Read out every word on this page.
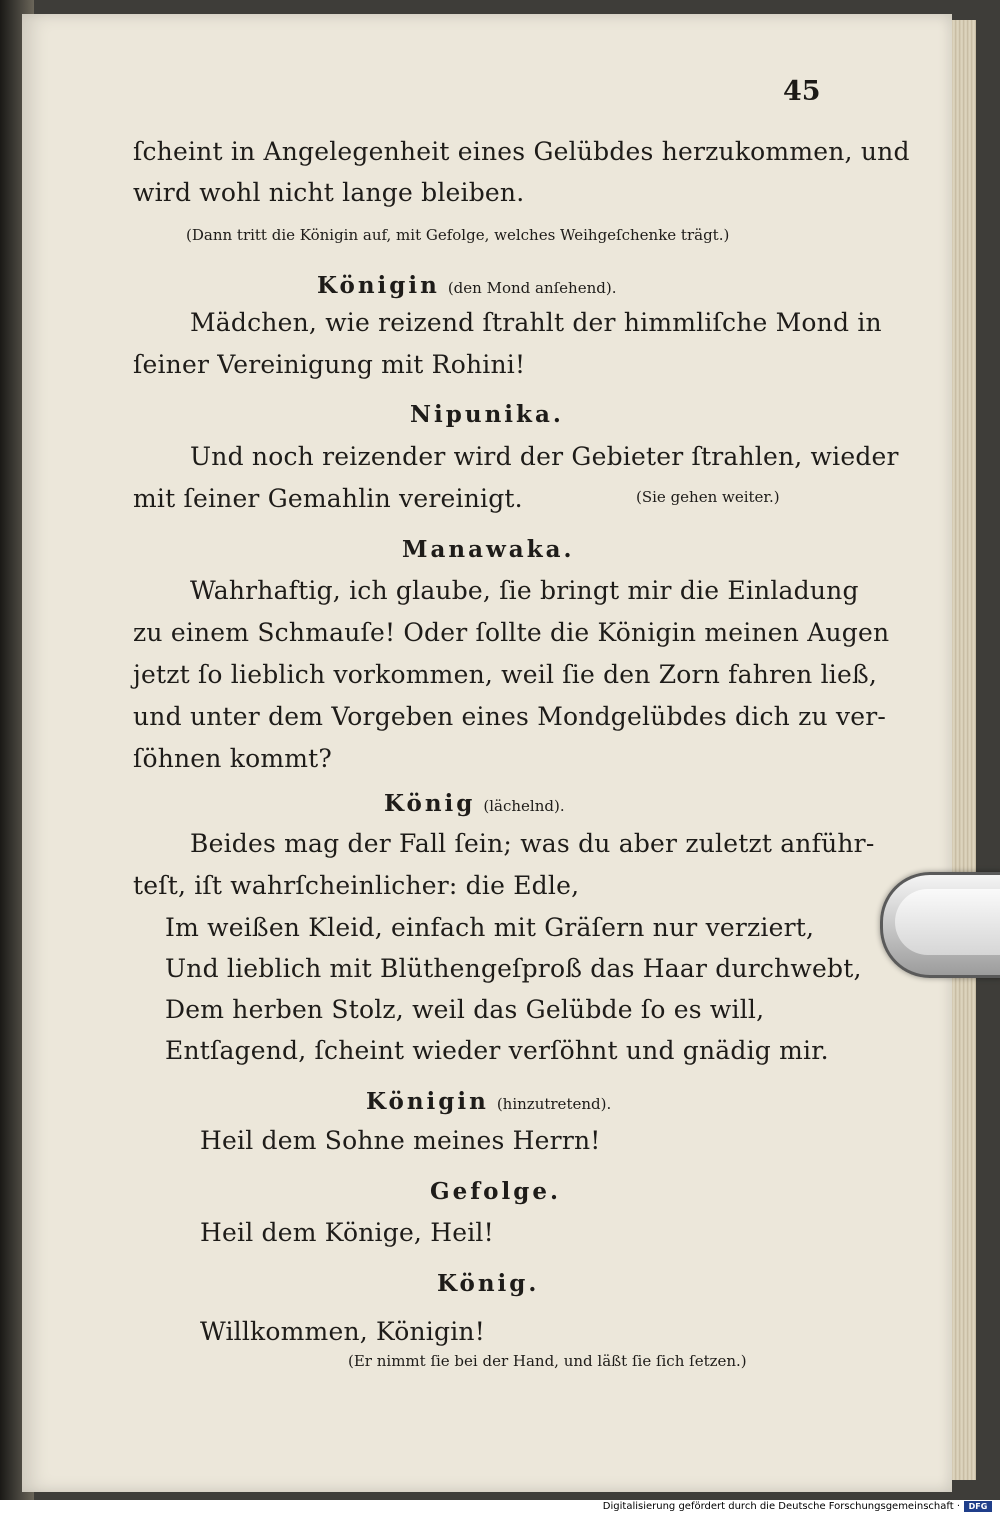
45
ſcheint in Angelegenheit eines Gelübdes herzukommen, und
wird wohl nicht lange bleiben.
(Dann tritt die Königin auf, mit Gefolge, welches Weihgeſchenke trägt.)
Königin (den Mond anſehend).
Mädchen, wie reizend ſtrahlt der himmliſche Mond in
ſeiner Vereinigung mit Rohini!
Nipunika.
Und noch reizender wird der Gebieter ſtrahlen, wieder
mit ſeiner Gemahlin vereinigt.	(Sie gehen weiter.)
Manawaka.
Wahrhaftig, ich glaube, ſie bringt mir die Einladung
zu einem Schmauſe! Oder ſollte die Königin meinen Augen
jetzt ſo lieblich vorkommen, weil ſie den Zorn fahren ließ,
und unter dem Vorgeben eines Mondgelübdes dich zu ver-
ſöhnen kommt?
König (lächelnd).
Beides mag der Fall ſein; was du aber zuletzt anführ-
teſt, iſt wahrſcheinlicher: die Edle,
Im weißen Kleid, einfach mit Gräſern nur verziert,
Und lieblich mit Blüthengeſproß das Haar durchwebt,
Dem herben Stolz, weil das Gelübde ſo es will,
Entſagend, ſcheint wieder verſöhnt und gnädig mir.
Königin (hinzutretend).
Heil dem Sohne meines Herrn!
Gefolge.
Heil dem Könige, Heil!
König.
Willkommen, Königin!
(Er nimmt ſie bei der Hand, und läßt ſie ſich ſetzen.)
Digitalisierung gefördert durch die Deutsche Forschungsgemeinschaft ·	DFG
